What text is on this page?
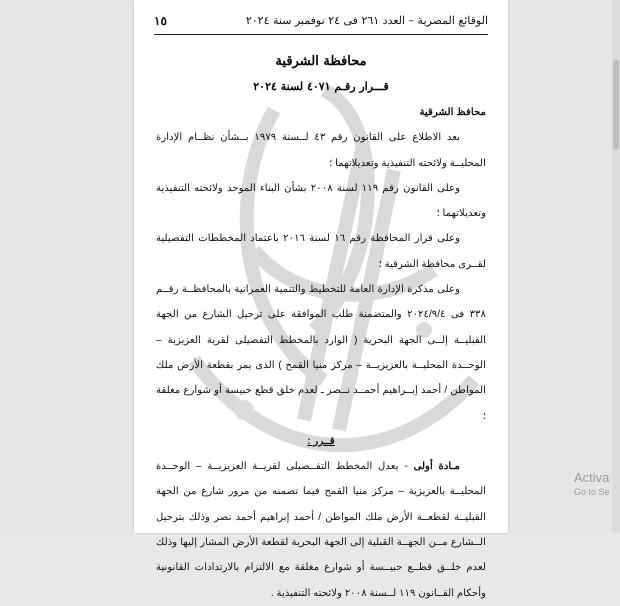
الوقائع المصرية – العدد ٢٦١ فى ٢٤ نوفمبر سنة ٢٠٢٤
١٥
محافظة الشرقية
قـــرار رقـم ٤٠٧١ لسنة ٢٠٢٤

محافظ الشرقية

بعد الاطلاع على القانون رقم ٤٣ لــسنة ١٩٧٩ بــشأن نظــام الإدارة المحليــة ولائحته التنفيذية وتعديلاتهما ؛

وعلى القانون رقم ١١٩ لسنة ٢٠٠٨ بشأن البناء الموحد ولائحته التنفيذية وتعديلاتهما ؛

وعلى قرار المحافظة رقم ١٦ لسنة ٢٠١٦ باعتماد المخططات التفصيلية لقــرى محافظة الشرقية ؛

وعلى مذكرة الإدارة العامة للتخطيط والتنمية العمرانية بالمحافظــة رقــم ٣٣٨ فى ٢٠٢٤/٩/٤ والمتضمنة طلب الموافقة على ترحيل الشارع من الجهة القبليــة إلــى الجهة البحرية ( الوارد بالمخطط التفصيلى لقرية العزيزية – الوحــدة المحليــة بالعزيزيــة – مركز منيا القمح ) الذى يمر بقطعة الأرض ملك المواطن / أحمد إبــراهيم أحمــد نــصر ـ لعدم خلق قطع حبيسة أو شوارع مغلقة ؛

قــرر :

مـادة أولى - يعدل المخطط التفــصيلى لقريــة العزيزيــة – الوحــدة المحليــة بالعزيزية – مركز منيا القمح فيما تضمنه من مرور شارع من الجهة القبليــة لقطعــة الأرض ملك المواطن / أحمد إبراهيم أحمد نصر وذلك بترحيل الــشارع مــن الجهــة القبلية إلى الجهة البحرية لقطعة الأرض المشار إليها وذلك لعدم خلــق قطــع حبيــسة أو شوارع مغلقة مع الالتزام بالارتدادات القانونية وأحكام القــانون ١١٩ لــسنة ٢٠٠٨ ولائحته التنفيذية .

Activa
Go to Se
